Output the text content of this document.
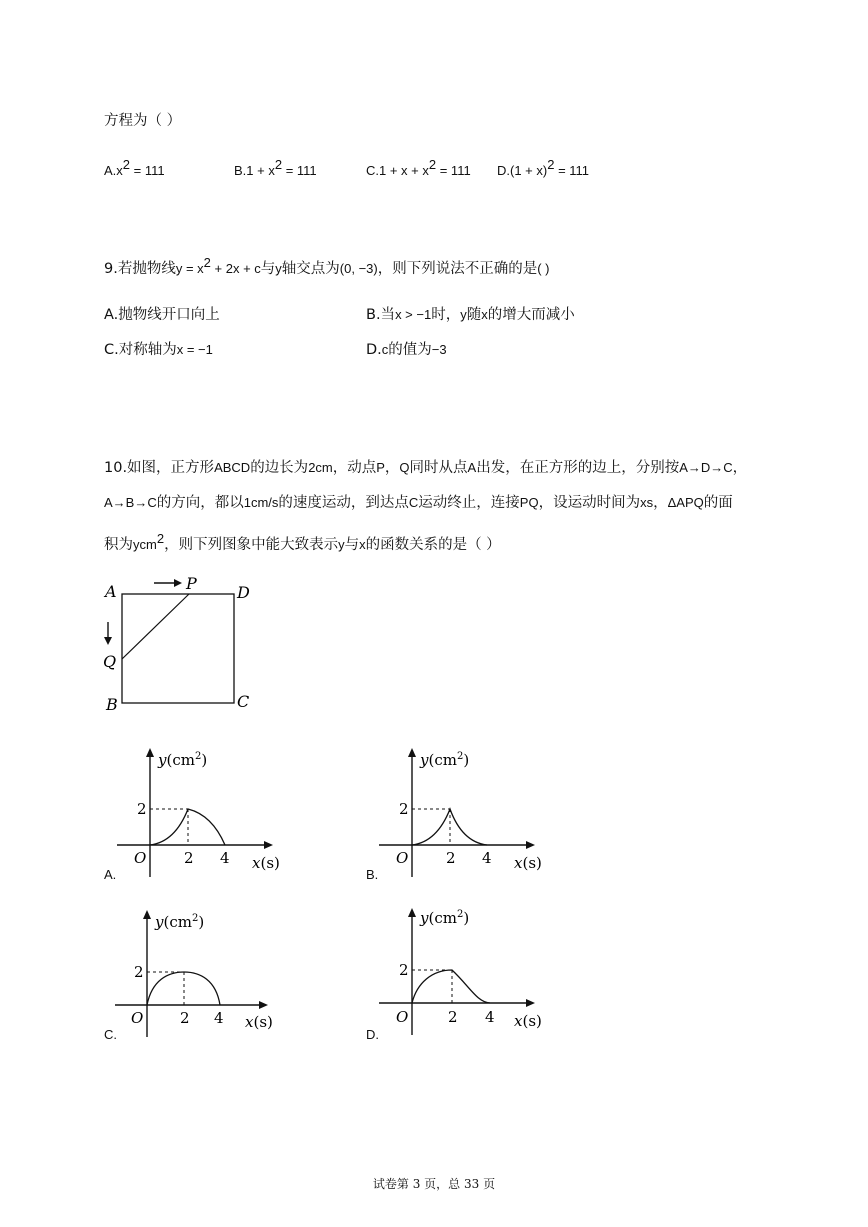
方程为（ ）
$A.x^2 = 111$	$B.1 + x^2 = 111$	$C.1 + x + x^2 = 111$ $D.(1 + x)^2 = 111$
9.若抛物线$y = x^2 + 2x + c$与y轴交点为(0, −3)，则下列说法不正确的是( )
A.抛物线开口向上	B.当x > −1时，y随x的增大而减小
C.对称轴为x = −1	D.c的值为−3
10.如图，正方形ABCD的边长为2cm，动点P，Q同时从点A出发，在正方形的边上，分别按A→D→C，
A→B→C的方向，都以1cm/s的速度运动，到达点C运动终止，连接PQ，设运动时间为xs，ΔAPQ的面
积为ycm$^2$，则下列图象中能大致表示y与x的函数关系的是（ ）
A	P	D
Q
B	C
2
O	2 4 x(s)
$y(cm^2)$
A.
2
O	2 4 x(s)
$y(cm^2)$
B.
2
O 2 4 x(s)
$y(cm^2)$
C.
2
O	2 4 x(s)
$y(cm^2)$
D.
试卷第 3 页，总 33 页
